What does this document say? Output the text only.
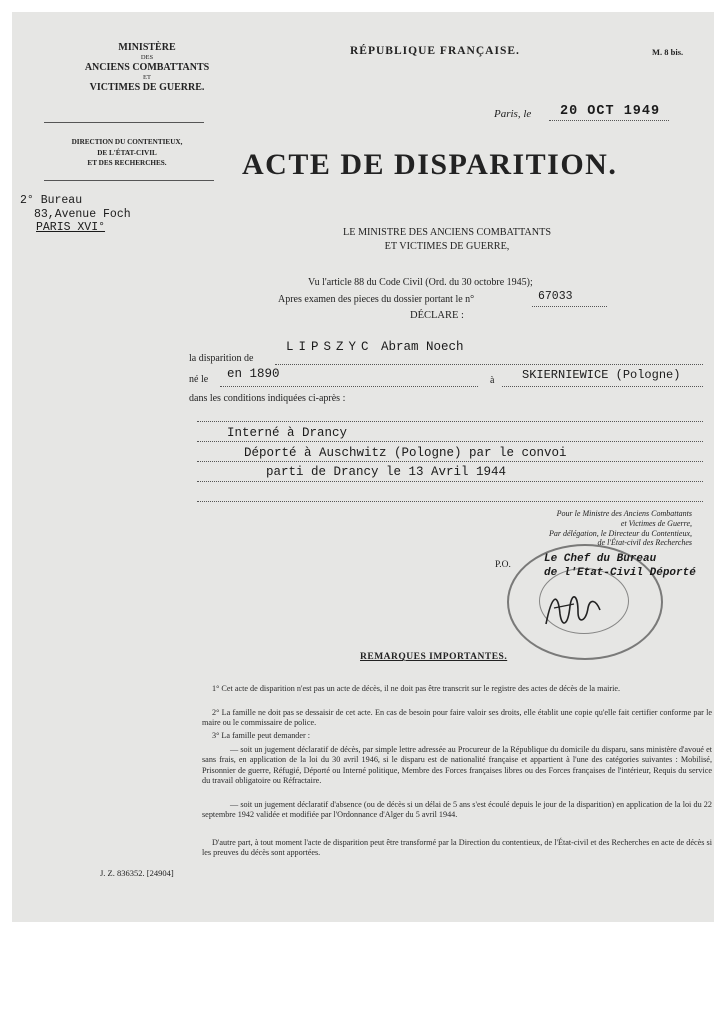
MINISTÈRE
DES
ANCIENS COMBATTANTS
ET
VICTIMES DE GUERRE.
DIRECTION DU CONTENTIEUX,
DE L'ÉTAT-CIVIL
ET DES RECHERCHES.
2° Bureau
83,Avenue Foch
PARIS XVI°
RÉPUBLIQUE FRANÇAISE.	M. 8 bis.
Paris, le 20 OCT 1949
ACTE DE DISPARITION.
LE MINISTRE DES ANCIENS COMBATTANTS
ET VICTIMES DE GUERRE,
Vu l'article 88 du Code Civil (Ord. du 30 octobre 1945);
Apres examen des pieces du dossier portant le n°	67033
DÉCLARE :
la disparition de
LIPSZYC Abram Noech
né le en 1890	à SKIERNIEWICE (Pologne)
dans les conditions indiquées ci-après :
Interné à Drancy
Déporté à Auschwitz (Pologne) par le convoi
parti de Drancy le 13 Avril 1944
Pour le Ministre des Anciens Combattants
et Victimes de Guerre,
Par délégation, le Directeur du Contentieux,
de l'État-civil des Recherches
P.O.	Le Chef du Bureau
de l'Etat-Civil Déporté
REMARQUES IMPORTANTES.
1° Cet acte de disparition n'est pas un acte de décès, il ne doit pas être transcrit sur le registre des actes de décès de la mairie.
2° La famille ne doit pas se dessaisir de cet acte. En cas de besoin pour faire valoir ses droits, elle établit une copie qu'elle fait certifier conforme par le maire ou le commissaire de police.
3° La famille peut demander :
— soit un jugement déclaratif de décès, par simple lettre adressée au Procureur de la République du domicile du disparu, sans ministère d'avoué et sans frais, en application de la loi du 30 avril 1946, si le disparu est de nationalité française et appartient à l'une des catégories suivantes : Mobilisé, Prisonnier de guerre, Réfugié, Déporté ou Interné politique, Membre des Forces françaises libres ou des Forces françaises de l'intérieur, Requis du service du travail obligatoire ou Réfractaire.
— soit un jugement déclaratif d'absence (ou de décès si un délai de 5 ans s'est écoulé depuis le jour de la disparition) en application de la loi du 22 septembre 1942 validée et modifiée par l'Ordonnance d'Alger du 5 avril 1944.
D'autre part, à tout moment l'acte de disparition peut être transformé par la Direction du contentieux, de l'État-civil et des Recherches en acte de décès si les preuves du décès sont apportées.
J. Z. 836352. [24904]
